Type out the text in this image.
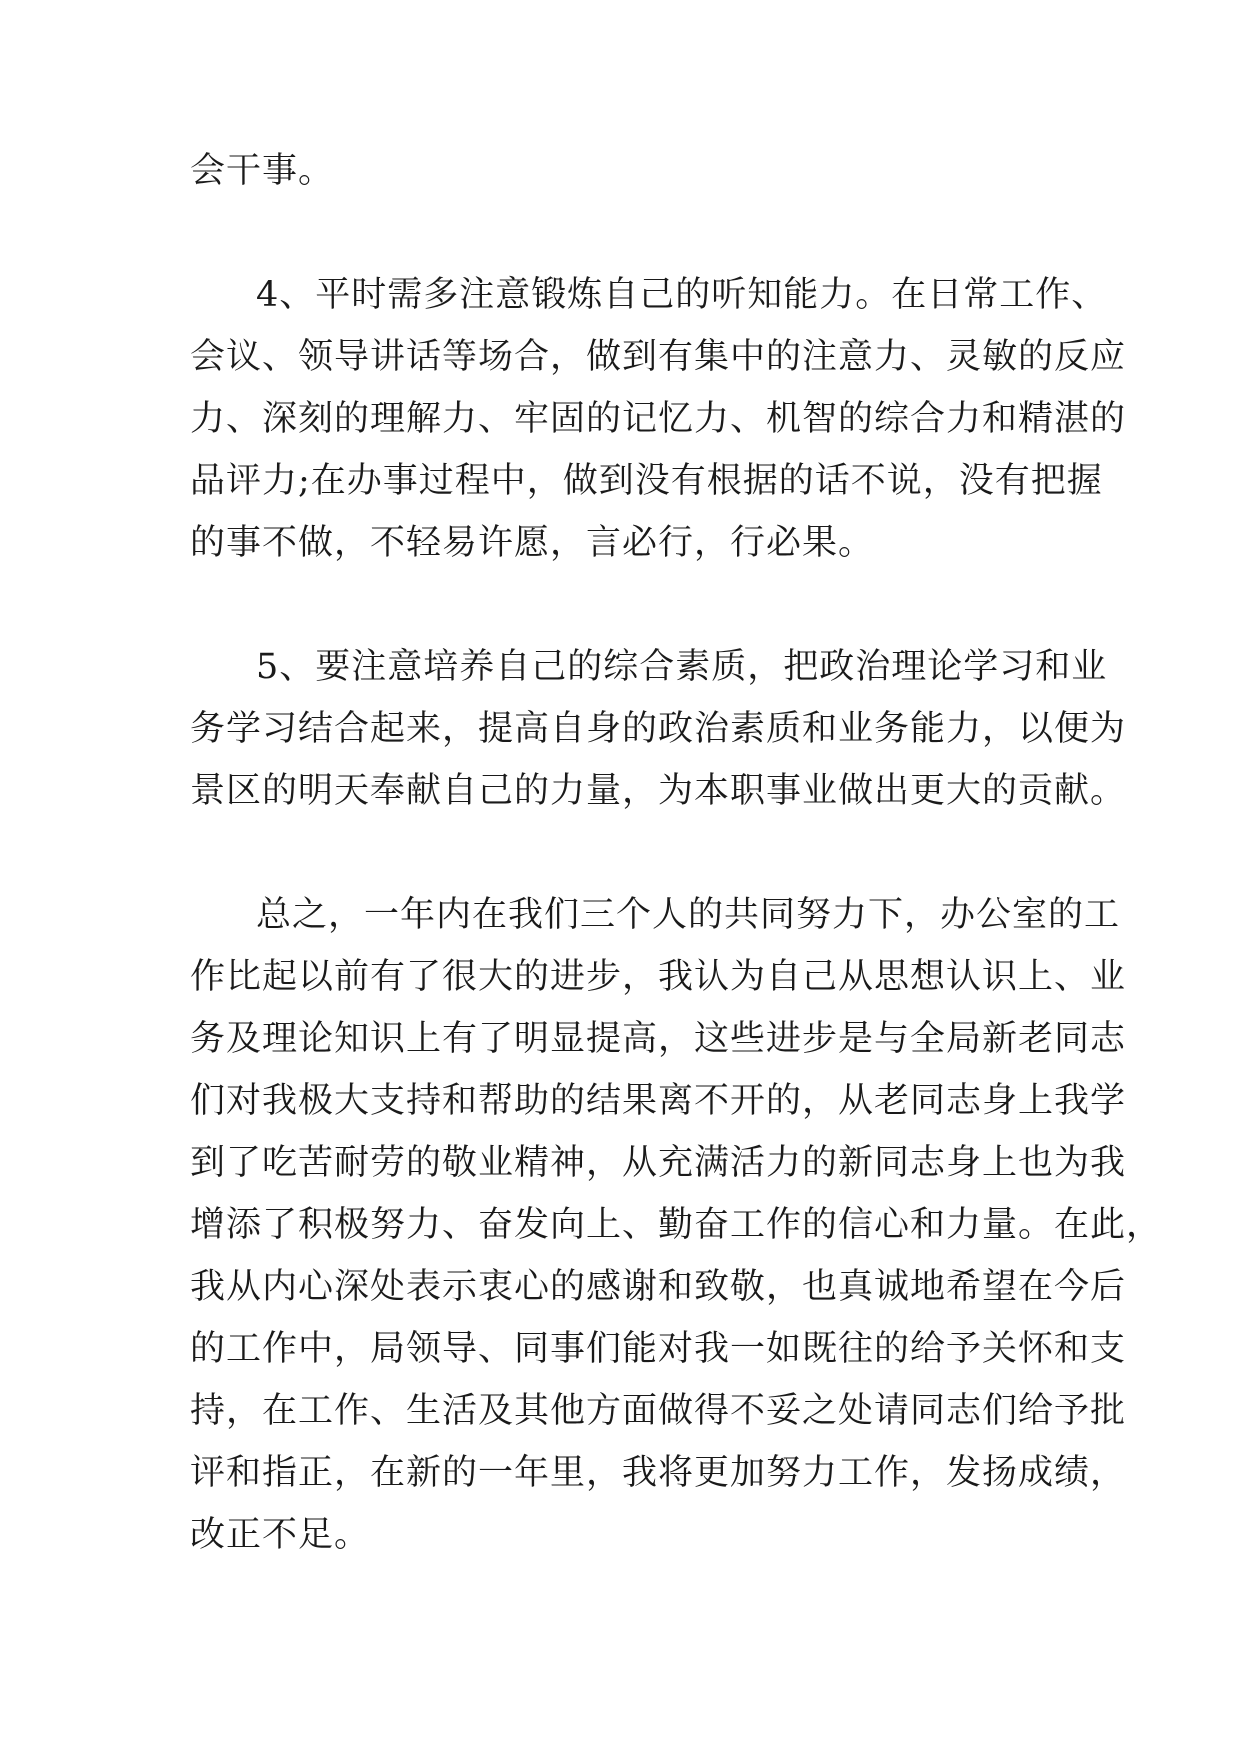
会干事。
4、平时需多注意锻炼自己的听知能力。在日常工作、
会议、领导讲话等场合，做到有集中的注意力、灵敏的反应
力、深刻的理解力、牢固的记忆力、机智的综合力和精湛的
品评力;在办事过程中，做到没有根据的话不说，没有把握
的事不做，不轻易许愿，言必行，行必果。
5、要注意培养自己的综合素质，把政治理论学习和业
务学习结合起来，提高自身的政治素质和业务能力，以便为
景区的明天奉献自己的力量，为本职事业做出更大的贡献。
总之，一年内在我们三个人的共同努力下，办公室的工
作比起以前有了很大的进步，我认为自己从思想认识上、业
务及理论知识上有了明显提高，这些进步是与全局新老同志
们对我极大支持和帮助的结果离不开的，从老同志身上我学
到了吃苦耐劳的敬业精神，从充满活力的新同志身上也为我
增添了积极努力、奋发向上、勤奋工作的信心和力量。在此，
我从内心深处表示衷心的感谢和致敬，也真诚地希望在今后
的工作中，局领导、同事们能对我一如既往的给予关怀和支
持，在工作、生活及其他方面做得不妥之处请同志们给予批
评和指正，在新的一年里，我将更加努力工作，发扬成绩，
改正不足。
